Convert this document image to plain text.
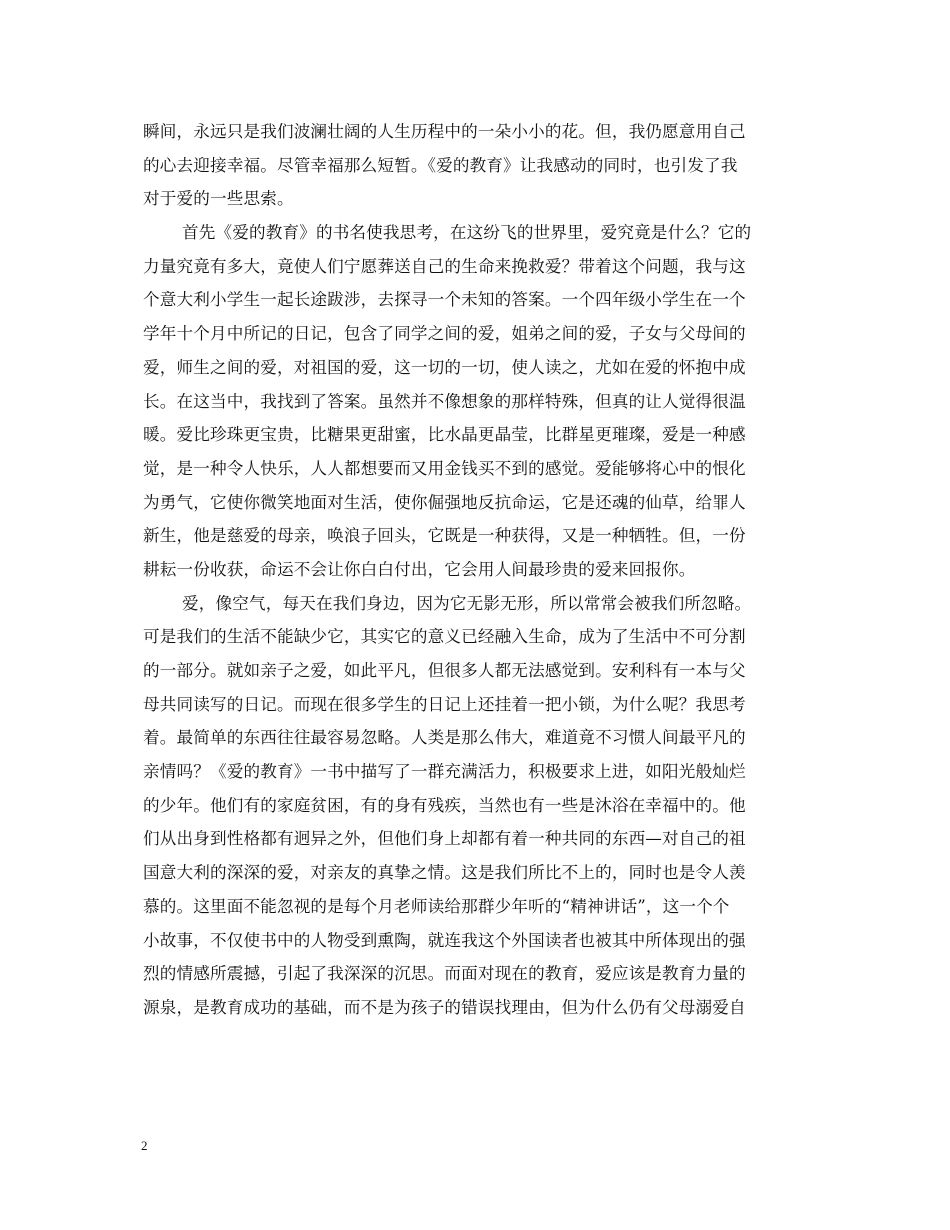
瞬间，永远只是我们波澜壮阔的人生历程中的一朵小小的花。但，我仍愿意用自己
的心去迎接幸福。尽管幸福那么短暂。《爱的教育》让我感动的同时，也引发了我
对于爱的一些思索。
首先《爱的教育》的书名使我思考，在这纷飞的世界里，爱究竟是什么？它的
力量究竟有多大，竟使人们宁愿葬送自己的生命来挽救爱？带着这个问题，我与这
个意大利小学生一起长途跋涉，去探寻一个未知的答案。一个四年级小学生在一个
学年十个月中所记的日记，包含了同学之间的爱，姐弟之间的爱，子女与父母间的
爱，师生之间的爱，对祖国的爱，这一切的一切，使人读之，尤如在爱的怀抱中成
长。在这当中，我找到了答案。虽然并不像想象的那样特殊，但真的让人觉得很温
暖。爱比珍珠更宝贵，比糖果更甜蜜，比水晶更晶莹，比群星更璀璨，爱是一种感
觉，是一种令人快乐，人人都想要而又用金钱买不到的感觉。爱能够将心中的恨化
为勇气，它使你微笑地面对生活，使你倔强地反抗命运，它是还魂的仙草，给罪人
新生，他是慈爱的母亲，唤浪子回头，它既是一种获得，又是一种牺牲。但，一份
耕耘一份收获，命运不会让你白白付出，它会用人间最珍贵的爱来回报你。
爱，像空气，每天在我们身边，因为它无影无形，所以常常会被我们所忽略。
可是我们的生活不能缺少它，其实它的意义已经融入生命，成为了生活中不可分割
的一部分。就如亲子之爱，如此平凡，但很多人都无法感觉到。安利科有一本与父
母共同读写的日记。而现在很多学生的日记上还挂着一把小锁，为什么呢？我思考
着。最简单的东西往往最容易忽略。人类是那么伟大，难道竟不习惯人间最平凡的
亲情吗？《爱的教育》一书中描写了一群充满活力，积极要求上进，如阳光般灿烂
的少年。他们有的家庭贫困，有的身有残疾，当然也有一些是沐浴在幸福中的。他
们从出身到性格都有迥异之外，但他们身上却都有着一种共同的东西—对自己的祖
国意大利的深深的爱，对亲友的真挚之情。这是我们所比不上的，同时也是令人羡
慕的。这里面不能忽视的是每个月老师读给那群少年听的“精神讲话”，这一个个
小故事，不仅使书中的人物受到熏陶，就连我这个外国读者也被其中所体现出的强
烈的情感所震撼，引起了我深深的沉思。而面对现在的教育，爱应该是教育力量的
源泉，是教育成功的基础，而不是为孩子的错误找理由，但为什么仍有父母溺爱自
2
